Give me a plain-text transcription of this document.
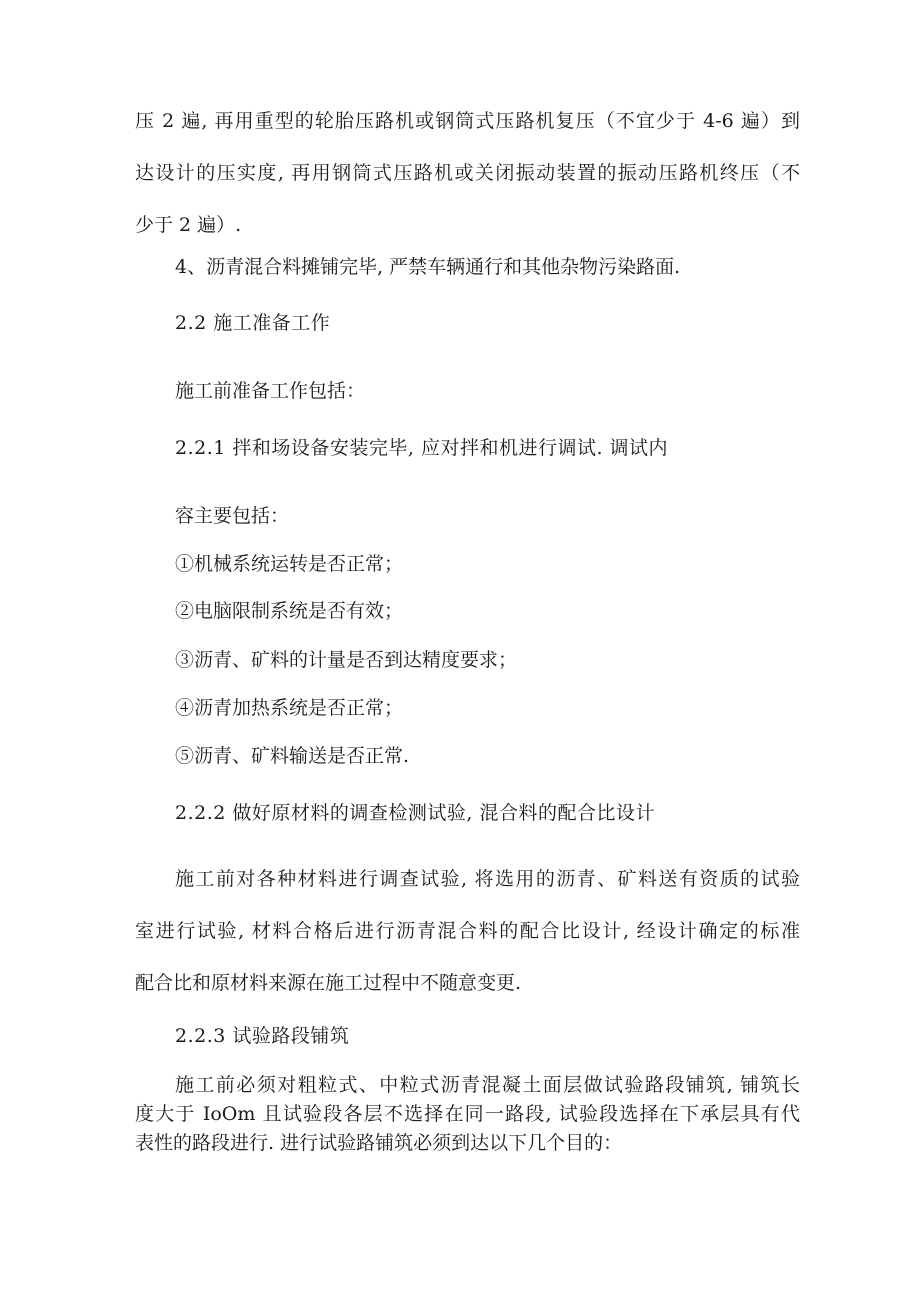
压 2 遍, 再用重型的轮胎压路机或钢筒式压路机复压（不宜少于 4-6 遍）到
达设计的压实度, 再用钢筒式压路机或关闭振动装置的振动压路机终压（不
少于 2 遍）.

4、沥青混合料摊铺完毕, 严禁车辆通行和其他杂物污染路面.

2.2 施工准备工作

施工前准备工作包括：

2.2.1 拌和场设备安装完毕, 应对拌和机进行调试. 调试内

容主要包括：

①机械系统运转是否正常；

②电脑限制系统是否有效；

③沥青、矿料的计量是否到达精度要求；

④沥青加热系统是否正常；

⑤沥青、矿料输送是否正常.

2.2.2 做好原材料的调查检测试验, 混合料的配合比设计

施工前对各种材料进行调查试验, 将选用的沥青、矿料送有资质的试验
室进行试验, 材料合格后进行沥青混合料的配合比设计, 经设计确定的标准
配合比和原材料来源在施工过程中不随意变更.

2.2.3 试验路段铺筑

施工前必须对粗粒式、中粒式沥青混凝土面层做试验路段铺筑, 铺筑长
度大于 IoOm 且试验段各层不选择在同一路段, 试验段选择在下承层具有代
表性的路段进行. 进行试验路铺筑必须到达以下几个目的：
